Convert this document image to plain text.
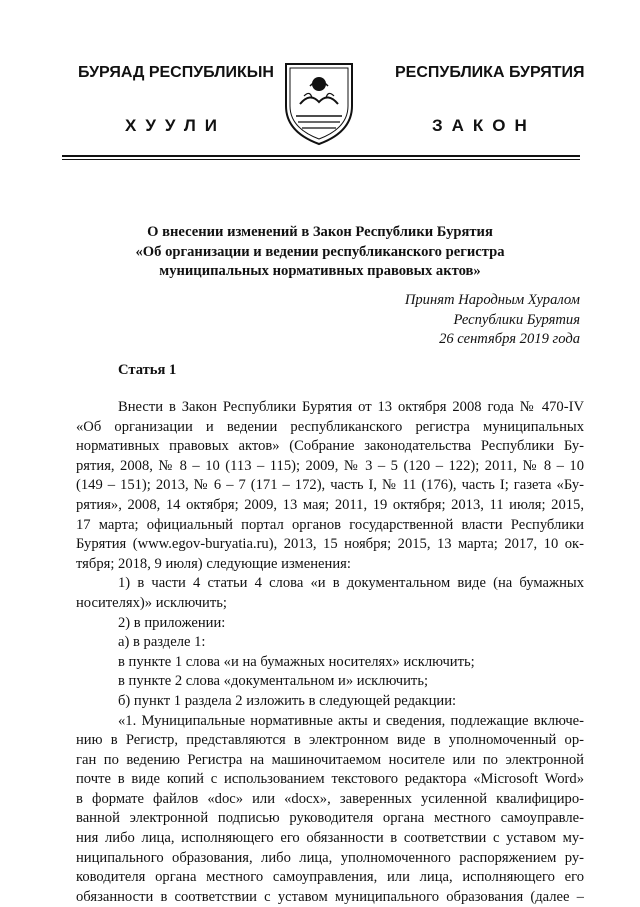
БУРЯАД РЕСПУБЛИКЫН	РЕСПУБЛИКА БУРЯТИЯ
ХУУЛИ	ЗАКОН
О внесении изменений в Закон Республики Бурятия
«Об организации и ведении республиканского регистра
муниципальных нормативных правовых актов»
Принят Народным Хуралом
Республики Бурятия
26 сентября 2019 года
Статья 1
Внести в Закон Республики Бурятия от 13 октября 2008 года № 470-IV
«Об организации и ведении республиканского регистра муниципальных
нормативных правовых актов» (Собрание законодательства Республики Бу-
рятия, 2008, № 8 – 10 (113 – 115); 2009, № 3 – 5 (120 – 122); 2011, № 8 – 10
(149 – 151); 2013, № 6 – 7 (171 – 172), часть I, № 11 (176), часть I; газета «Бу-
рятия», 2008, 14 октября; 2009, 13 мая; 2011, 19 октября; 2013, 11 июля; 2015,
17 марта; официальный портал органов государственной власти Республики
Бурятия (www.egov-buryatia.ru), 2013, 15 ноября; 2015, 13 марта; 2017, 10 ок-
тября; 2018, 9 июля) следующие изменения:
1) в части 4 статьи 4 слова «и в документальном виде (на бумажных
носителях)» исключить;
2) в приложении:
а) в разделе 1:
в пункте 1 слова «и на бумажных носителях» исключить;
в пункте 2 слова «документальном и» исключить;
б) пункт 1 раздела 2 изложить в следующей редакции:
«1. Муниципальные нормативные акты и сведения, подлежащие включе-
нию в Регистр, представляются в электронном виде в уполномоченный ор-
ган по ведению Регистра на машиночитаемом носителе или по электронной
почте в виде копий с использованием текстового редактора «Microsoft Word»
в формате файлов «doc» или «docx», заверенных усиленной квалифициро-
ванной электронной подписью руководителя органа местного самоуправле-
ния либо лица, исполняющего его обязанности в соответствии с уставом му-
ниципального образования, либо лица, уполномоченного распоряжением ру-
ководителя органа местного самоуправления, или лица, исполняющего его
обязанности в соответствии с уставом муниципального образования (далее –
